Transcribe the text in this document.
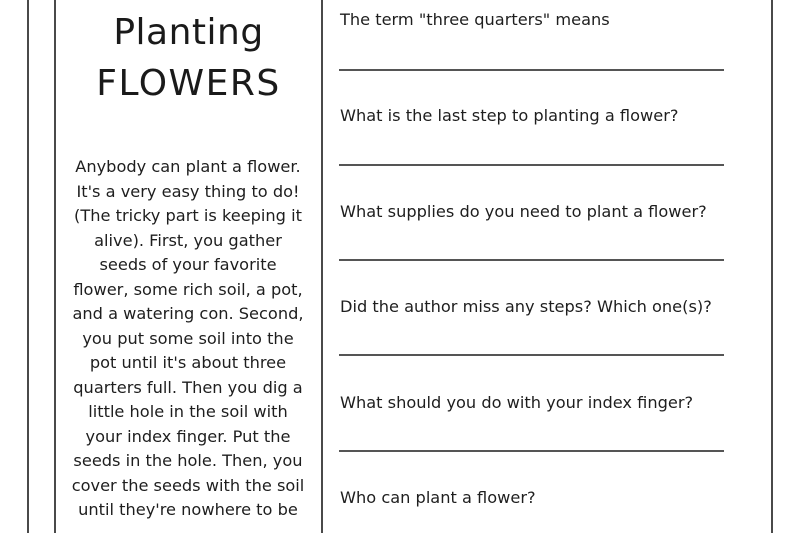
Planting
FLOWERS
Anybody can plant a flower.
It's a very easy thing to do!
(The tricky part is keeping it
alive). First, you gather
seeds of your favorite
flower, some rich soil, a pot,
and a watering con. Second,
you put some soil into the
pot until it's about three
quarters full. Then you dig a
little hole in the soil with
your index finger. Put the
seeds in the hole. Then, you
cover the seeds with the soil
until they're nowhere to be
The term "three quarters" means
What is the last step to planting a flower?
What supplies do you need to plant a flower?
Did the author miss any steps? Which one(s)?
What should you do with your index finger?
Who can plant a flower?
